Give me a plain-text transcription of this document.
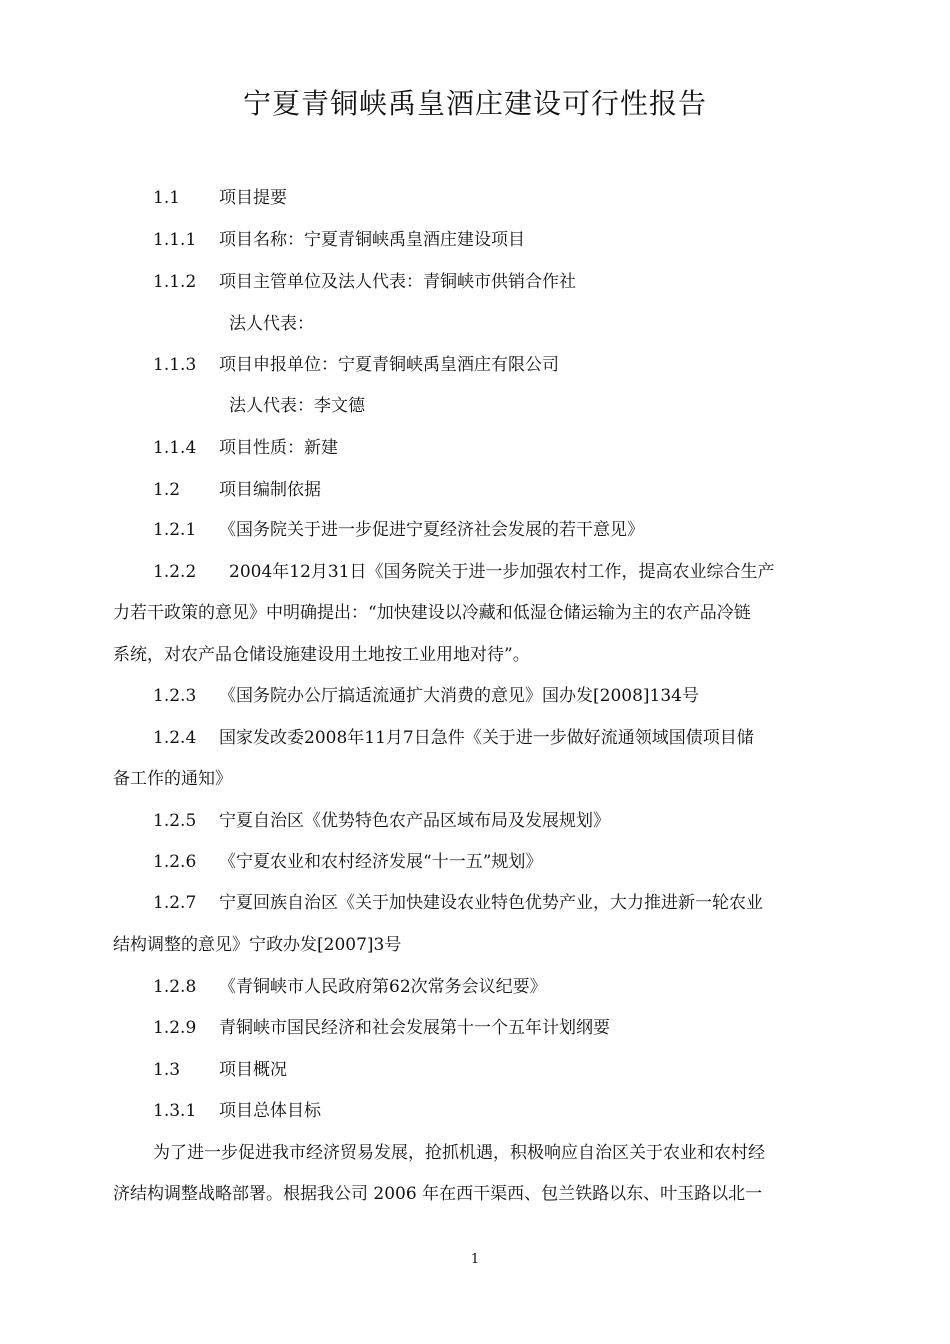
宁夏青铜峡禹皇酒庄建设可行性报告
1.1 项目提要
1.1.1 项目名称：宁夏青铜峡禹皇酒庄建设项目
1.1.2 项目主管单位及法人代表：青铜峡市供销合作社
法人代表：
1.1.3 项目申报单位：宁夏青铜峡禹皇酒庄有限公司
法人代表：李文德
1.1.4 项目性质：新建
1.2 项目编制依据
1.2.1 《国务院关于进一步促进宁夏经济社会发展的若干意见》
1.2.2 2004年12月31日《国务院关于进一步加强农村工作，提高农业综合生产
力若干政策的意见》中明确提出：“加快建设以冷藏和低湿仓储运输为主的农产品冷链
系统，对农产品仓储设施建设用土地按工业用地对待”。
1.2.3 《国务院办公厅搞适流通扩大消费的意见》国办发[2008]134号
1.2.4 国家发改委2008年11月7日急件《关于进一步做好流通领域国债项目储
备工作的通知》
1.2.5 宁夏自治区《优势特色农产品区域布局及发展规划》
1.2.6 《宁夏农业和农村经济发展“十一五”规划》
1.2.7 宁夏回族自治区《关于加快建设农业特色优势产业，大力推进新一轮农业
结构调整的意见》宁政办发[2007]3号
1.2.8 《青铜峡市人民政府第62次常务会议纪要》
1.2.9 青铜峡市国民经济和社会发展第十一个五年计划纲要
1.3 项目概况
1.3.1 项目总体目标
为了进一步促进我市经济贸易发展，抢抓机遇，积极响应自治区关于农业和农村经
济结构调整战略部署。根据我公司 2006 年在西干渠西、包兰铁路以东、叶玉路以北一
1
